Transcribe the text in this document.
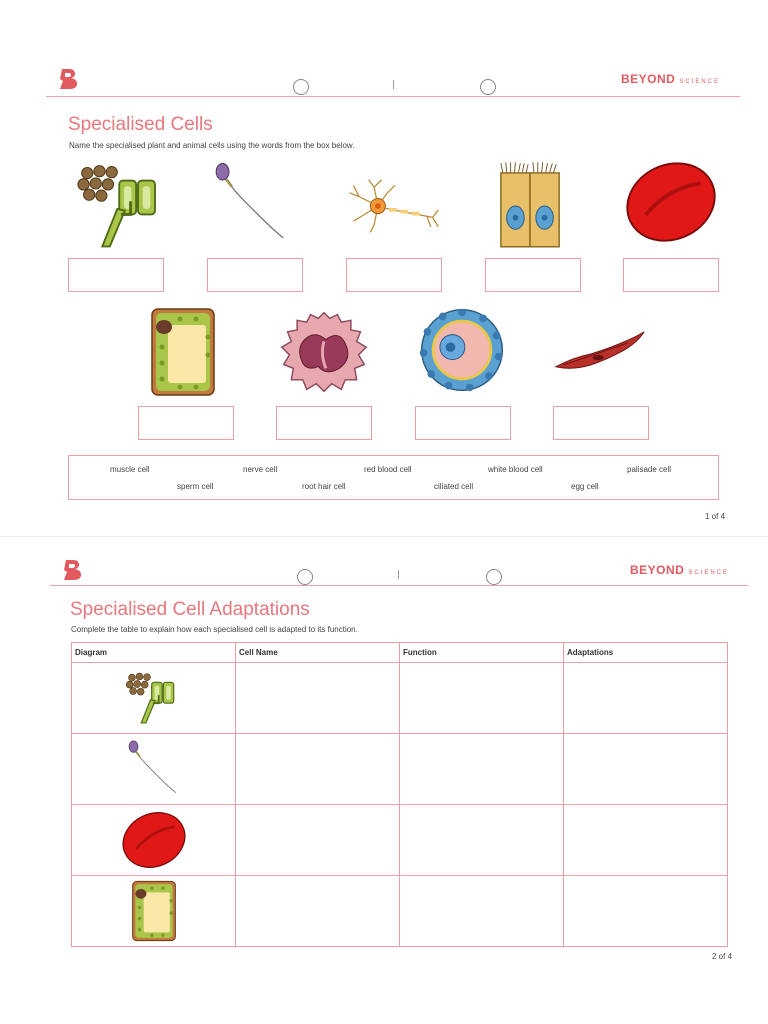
BEYOND SCIENCE
Specialised Cells
Name the specialised plant and animal cells using the words from the box below.
muscle cell	nerve cell	red blood cell	white blood cell	palisade cell
sperm cell	root hair cell	ciliated cell	egg cell
1 of 4
BEYOND SCIENCE
Specialised Cell Adaptations
Complete the table to explain how each specialised cell is adapted to its function.
Diagram	Cell Name	Function	Adaptations

2 of 4
